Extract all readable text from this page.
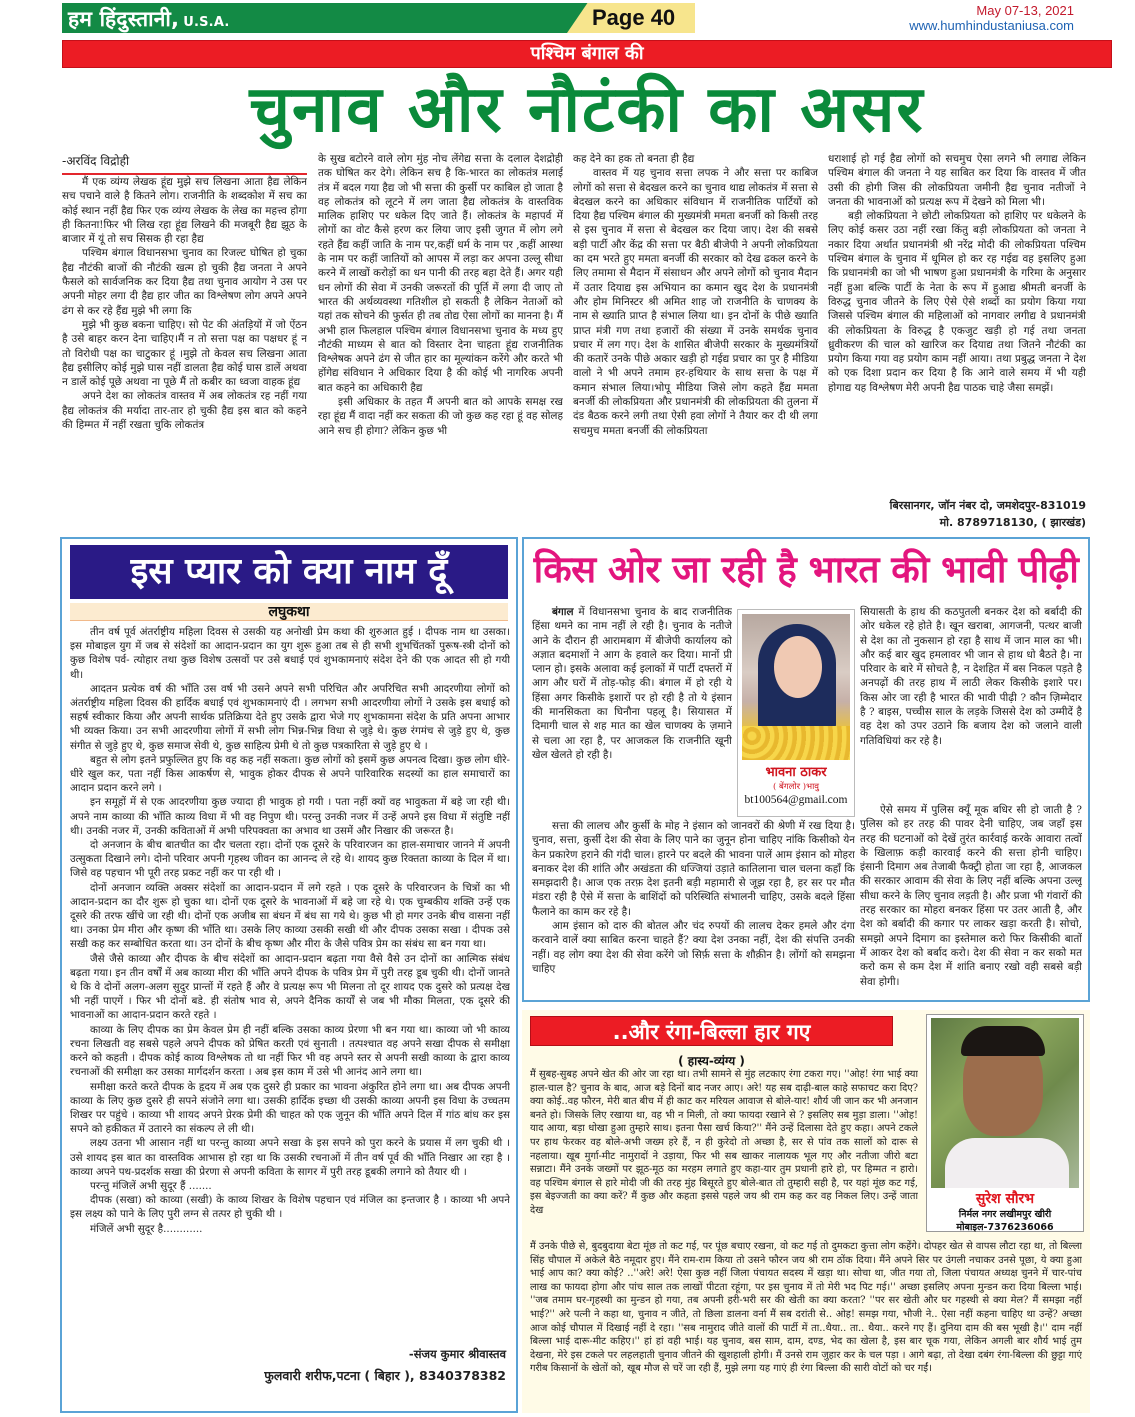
हम हिंदुस्तानी, U.S.A.	Page 40	May 07-13, 2021
www.humhindustaniusa.com
पश्चिम बंगाल की
चुनाव और नौटंकी का असर
-अरविंद विद्रोही

मैं एक व्यंग्य लेखक हूंद्य मुझे सच लिखना आता हैद्य लेकिन सच पचाने वाले है कितने लोग। राजनीति के शब्दकोश में सच का कोई स्थान नहीं हैद्य फिर एक व्यंग्य लेखक के लेख का महत्त्व होगा ही कितना!फिर भी लिख रहा हूंद्य लिखने की मजबूरी हैद्य झूठ के बाजार में यूं तो सच सिसक ही रहा हैद्य

पश्चिम बंगाल विधानसभा चुनाव का रिजल्ट घोषित हो चुका हैद्य नौटंकी बाजों की नौटंकी खत्म हो चुकी हैद्य जनता ने अपने फैसले को सार्वजनिक कर दिया हैद्य तथा चुनाव आयोग ने उस पर अपनी मोहर लगा दी हैद्य हार जीत का विश्लेषण लोग अपने अपने ढंग से कर रहे हैंद्य मुझे भी लगा कि

मुझे भी कुछ बकना चाहिए। सो पेट की अंतड़ियों में जो ऐंठन है उसे बाहर करन देना चाहिए।मैं न तो सत्ता पक्ष का पक्षधर हूं न तो विरोधी पक्ष का चाटुकार हूं ।मुझे तो केवल सच लिखना आता हैद्य इसीलिए कोई मुझे घास नहीं डालता हैद्य कोई घास डालें अथवा न डालें कोई पूछे अथवा ना पूछे मैं तो कबीर का ध्वजा वाहक हूंद्य

अपने देश का लोकतंत्र वास्तव में अब लोकतंत्र रह नहीं गया हैद्य लोकतंत्र की मर्यादा तार-तार हो चुकी हैद्य इस बात को कहने की हिम्मत में नहीं रखता चुकि लोकतंत्र

के सुख बटोरने वाले लोग मुंह नोच लेंगेद्य सत्ता के दलाल देशद्रोही तक घोषित कर देगे। लेकिन सच है कि-भारत का लोकतंत्र मलाई तंत्र में बदल गया हैद्य जो भी सत्ता की कुर्सी पर काबिल हो जाता है वह लोकतंत्र को लूटने में लग जाता हैद्य लोकतंत्र के वास्तविक मालिक हाशिए पर धकेल दिए जाते हैं। लोकतंत्र के महापर्व में लोगों का वोट कैसे हरण कर लिया जाए इसी जुगत में लोग लगे रहते हैंद्य कहीं जाति के नाम पर,कहीं धर्म के नाम पर ,कहीं आस्था के नाम पर कहीं जातियों को आपस में लड़ा कर अपना उल्लू सीधा करने में लाखों करोड़ों का धन पानी की तरह बहा देते हैं। अगर यही धन लोगों की सेवा में उनकी जरूरतों की पूर्ति में लगा दी जाए तो भारत की अर्थव्यवस्था गतिशील हो सकती है लेकिन नेताओं को यहां तक सोचने की फुर्सत ही तब तोद्य ऐसा लोगों का मानना है। मैं अभी हाल फिलहाल पश्चिम बंगाल विधानसभा चुनाव के मध्य हुए नौटंकी माध्यम से बात को विस्तार देना चाहता हूंद्य राजनीतिक विश्लेषक अपने ढंग से जीत हार का मूल्यांकन करेंगे और करते भी होंगेद्य संविधान ने अधिकार दिया है की कोई भी नागरिक अपनी बात कहने का अधिकारी हैद्य

इसी अधिकार के तहत मैं अपनी बात को आपके समक्ष रख रहा हूंद्य मैं वादा नहीं कर सकता की जो कुछ कह रहा हूं वह सोलह आने सच ही होगा? लेकिन कुछ भी

कह देने का हक तो बनता ही हैद्य

वास्तव में यह चुनाव सत्ता लपक ने और सत्ता पर काबिज लोगों को सत्ता से बेदखल करने का चुनाव थाद्य लोकतंत्र में सत्ता से बेदखल करने का अधिकार संविधान में राजनीतिक पार्टियों को दिया हैद्य पश्चिम बंगाल की मुख्यमंत्री ममता बनर्जी को किसी तरह से इस चुनाव में सत्ता से बेदखल कर दिया जाए। देश की सबसे बड़ी पार्टी और केंद्र की सत्ता पर बैठी बीजेपी ने अपनी लोकप्रियता का दम भरते हुए ममता बनर्जी की सरकार को देख ढकल करने के लिए तमामा से मैदान में संसाधन और अपने लोगों को चुनाव मैदान में उतार दियाद्य इस अभियान का कमान खुद देश के प्रधानमंत्री और होम मिनिस्टर श्री अमित शाह जो राजनीति के चाणक्य के नाम से ख्याति प्राप्त है संभाल लिया था। इन दोनों के पीछे ख्याति प्राप्त मंत्री गण तथा हजारों की संख्या में उनके समर्थक चुनाव प्रचार में लग गए। देश के शासित बीजेपी सरकार के मुख्यमंत्रियों की कतारें उनके पीछे अकार खड़ी हो गईद्य प्रचार का पुर है मीडिया वालो ने भी अपने तमाम हर-हथियार के साथ सत्ता के पक्ष में कमान संभाल लिया।भोपू मीडिया जिसे लोग कहते हैंद्य ममता बनर्जी की लोकप्रियता और प्रधानमंत्री की लोकप्रियता की तुलना में दंड बैठक करने लगी तथा ऐसी हवा लोगों ने तैयार कर दी थी लगा सचमुच ममता बनर्जी की लोकप्रियता

धराशाई हो गई हैद्य लोगों को सचमुच ऐसा लगने भी लगाद्य लेकिन पश्चिम बंगाल की जनता ने यह साबित कर दिया कि वास्तव में जीत उसी की होगी जिस की लोकप्रियता जमीनी हैद्य चुनाव नतीजों ने जनता की भावनाओं को प्रत्यक्ष रूप में देखने को मिला भी।

बड़ी लोकप्रियता ने छोटी लोकप्रियता को हाशिए पर धकेलने के लिए कोई कसर उठा नहीं रखा किंतु बड़ी लोकप्रियता को जनता ने नकार दिया अर्थात प्रधानमंत्री श्री नरेंद्र मोदी की लोकप्रियता पश्चिम पश्चिम बंगाल के चुनाव में धूमिल हो कर रह गईद्य वह इसलिए हुआ कि प्रधानमंत्री का जो भी भाषण हुआ प्रधानमंत्री के गरिमा के अनुसार नहीं हुआ बल्कि पार्टी के नेता के रूप में हुआद्य श्रीमती बनर्जी के विरुद्ध चुनाव जीतने के लिए ऐसे ऐसे शब्दों का प्रयोग किया गया जिससे पश्चिम बंगाल की महिलाओं को नागवार लगीद्य वे प्रधानमंत्री की लोकप्रियता के विरुद्ध है एकजुट खड़ी हो गई तथा जनता ध्रुवीकरण की चाल को खारिज कर दियाद्य तथा जितने नौटंकी का प्रयोग किया गया वह प्रयोग काम नहीं आया। तथा प्रबुद्ध जनता ने देश को एक दिशा प्रदान कर दिया है कि आने वाले समय में भी यही होगाद्य यह विश्लेषण मेरी अपनी हैद्य पाठक चाहे जैसा समझें।

बिरसानगर, जॉन नंबर दो, जमशेदपुर-831019
मो. 8789718130, ( झारखंड)
इस प्यार को क्या नाम दूँ
लघुकथा

तीन वर्ष पूर्व अंतर्राष्ट्रीय महिला दिवस से उसकी यह अनोखी प्रेम कथा की शुरुआत हुई । दीपक नाम था उसका। इस मोबाइल युग में जब से संदेशों का आदान-प्रदान का युग शुरू हुआ तब से ही सभी शुभचिंतकों पुरूष-स्त्री दोनों को कुछ विशेष पर्व- त्योहार तथा कुछ विशेष उत्सवों पर उसे बधाई एवं शुभकामनाएं संदेश देने की एक आदत सी हो गयी थी।

आदतन प्रत्येक वर्ष की भाँति उस वर्ष भी उसने अपने सभी परिचित और अपरिचित सभी आदरणीया लोगों को अंतर्राष्ट्रीय महिला दिवस की हार्दिक बधाई एवं शुभकामनाएं दी । लगभग सभी आदरणीया लोगों ने उसके इस बधाई को सहर्ष स्वीकार किया और अपनी सार्थक प्रतिक्रिया देते हुए उसके द्वारा भेजे गए शुभकामना संदेश के प्रति अपना आभार भी व्यक्त किया। उन सभी आदरणीया लोगों में सभी लोग भिन्न-भिन्न विधा से जुड़े थे। कुछ रंगमंच से जुड़े हुए थे, कुछ संगीत से जुड़े हुए थे, कुछ समाज सेवी थे, कुछ साहित्य प्रेमी थे तो कुछ पत्रकारिता से जुड़े हुए थे ।

बहुत से लोग इतने प्रफुल्लित हुए कि वह कह नहीं सकता। कुछ लोगों को इसमें कुछ अपनत्व दिखा। कुछ लोग धीरे-धीरे खुल कर, पता नहीं किस आकर्षण से, भावुक होकर दीपक से अपने पारिवारिक सदस्यों का हाल समाचारों का आदान प्रदान करने लगे ।

इन समूहों में से एक आदरणीया कुछ ज्यादा ही भावुक हो गयी । पता नहीं क्यों वह भावुकता में बहे जा रही थी। अपने नाम काव्या की भाँति काव्य विधा में भी वह निपुण थी। परन्तु उनकी नजर में उन्हें अपने इस विधा में संतुष्टि नहीं थी। उनकी नजर में, उनकी कविताओं में अभी परिपक्वता का अभाव था उसमें और निखार की जरूरत है।

दो अनजान के बीच बातचीत का दौर चलता रहा। दोनों एक दूसरे के परिवारजन का हाल-समाचार जानने में अपनी उत्सुकता दिखाने लगे। दोनो परिवार अपनी गृहस्थ जीवन का आनन्द ले रहे थे। शायद कुछ रिक्तता काव्या के दिल में था। जिसे वह पहचान भी पूरी तरह प्रकट नहीं कर पा रही थी ।

दोनों अनजान व्यक्ति अक्सर संदेशों का आदान-प्रदान में लगे रहते । एक दूसरे के परिवारजन के चित्रों का भी आदान-प्रदान का दौर शुरू हो चुका था। दोनों एक दूसरे के भावनाओं में बहे जा रहे थे। एक चुम्बकीय शक्ति उन्हें एक दूसरे की तरफ खींचे जा रही थी। दोनों एक अजीब सा बंधन में बंध सा गये थे। कुछ भी हो मगर उनके बीच वासना नहीं था। उनका प्रेम मीरा और कृष्ण की भाँति था। उसके लिए काव्या उसकी सखी थी और दीपक उसका सखा । दीपक उसे सखी कह कर सम्बोधित करता था। उन दोनों के बीच कृष्ण और मीरा के जैसे पवित्र प्रेम का संबंध सा बन गया था।

जैसे जैसे काव्या और दीपक के बीच संदेशों का आदान-प्रदान बढ़ता गया वैसे वैसे उन दोनों का आत्मिक संबंध बढ़ता गया। इन तीन वर्षों में अब काव्या मीरा की भाँति अपने दीपक के पवित्र प्रेम में पुरी तरह डूब चुकी थी। दोनों जानते थे कि वे दोनों अलग-अलग सुदुर प्रान्तों में रहते हैं और वे प्रत्यक्ष रूप भी मिलना तो दूर शायद एक दुसरे को प्रत्यक्ष देख भी नहीं पाएगें । फिर भी दोनों बडे. ही संतोष भाव से, अपने दैनिक कार्यों से जब भी मौका मिलता, एक दूसरे की भावनाओं का आदान-प्रदान करते रहते ।

काव्या के लिए दीपक का प्रेम केवल प्रेम ही नहीं बल्कि उसका काव्य प्रेरणा भी बन गया था। काव्या जो भी काव्य रचना लिखती वह सबसे पहले अपने दीपक को प्रेषित करती एवं सुनाती । तत्पश्चात वह अपने सखा दीपक से समीक्षा करने को कहती । दीपक कोई काव्य विश्लेषक तो था नहीं फिर भी वह अपने स्तर से अपनी सखी काव्या के द्वारा काव्य रचनाओं की समीक्षा कर उसका मार्गदर्शन करता । अब इस काम में उसे भी आनंद आने लगा था।

समीक्षा करते करते दीपक के हृदय में अब एक दुसरे ही प्रकार का भावना अंकुरित होने लगा था। अब दीपक अपनी काव्या के लिए कुछ दुसरे ही सपने संजोने लगा था। उसकी हार्दिक इच्छा थी उसकी काव्या अपनी इस विधा के उच्चतम शिखर पर पहुंचे । काव्या भी शायद अपने प्रेरक प्रेमी की चाहत को एक जुनून की भाँति अपने दिल में गांठ बांध कर इस सपने को हकीकत में उतारने का संकल्प ले ली थी।

लक्ष्य उतना भी आसान नहीं था परन्तु काव्या अपने सखा के इस सपने को पुरा करने के प्रयास में लग चुकी थी । उसे शायद इस बात का वास्तविक आभास हो रहा था कि उसकी रचनाओं में तीन वर्ष पूर्व की भाँति निखार आ रहा है । काव्या अपने पथ-प्रदर्शक सखा की प्रेरणा से अपनी कविता के सागर में पुरी तरह डूबकी लगाने को तैयार थी ।

परन्तु मंजिलें अभी सुदूर हैं .......

दीपक (सखा) को काव्या (सखी) के काव्य शिखर के विशेष पहचान एवं मंजिल का इन्तजार है । काव्या भी अपने इस लक्ष्य को पाने के लिए पुरी लग्न से तत्पर हो चुकी थी ।

मंजिलें अभी सुदूर है............

-संजय कुमार श्रीवास्तव
फुलवारी शरीफ,पटना ( बिहार ), 8340378382
किस ओर जा रही है भारत की भावी पीढ़ी

बंगाल में विधानसभा चुनाव के बाद राजनीतिक हिंसा थमने का नाम नहीं ले रही है। चुनाव के नतीजे आने के दौरान ही आरामबाग में बीजेपी कार्यालय को अज्ञात बदमाशों ने आग के हवाले कर दिया। मानों प्री प्लान हो। इसके अलावा कई इलाकों में पार्टी दफ्तरों में आग और घरों में तोड़-फोड़ की। बंगाल में हो रही ये हिंसा अगर किसीके इशारों पर हो रही है तो ये इंसान की मानसिकता का घिनौना पहलू है। सियासत में दिमागी चाल से शह मात का खेल चाणक्य के ज़माने से चला आ रहा है, पर आजकल कि राजनीति खूनी खेल खेलते हो रही है।

भावना ठाकर
( बेंगलोर )भावु
bt100564@gmail.com

सियासती के हाथ की कठपुतली बनकर देश को बर्बादी की ओर धकेल रहे होते है। खून खराबा, आगजनी, पत्थर बाजी से देश का तो नुकसान हो रहा है साथ में जान माल का भी। और कई बार खुद हमलावर भी जान से हाथ धो बैठते है। ना परिवार के बारे में सोचते है, न देशहित में बस निकल पड़ते है अनपढ़ों की तरह हाथ में लाठी लेकर किसीके इशारे पर। किस ओर जा रही है भारत की भावी पीढ़ी ? कौन ज़िम्मेदार है ? बाइस, पच्चीस साल के लड़के जिससे देश को उम्मीदें है वह देश को उपर उठाने कि बजाय देश को जलाने वाली गतिविधियां कर रहे है।

सत्ता की लालच और कुर्सी के मोह ने इंसान को जानवरों की श्रेणी में रख दिया है। चुनाव, सत्ता, कुर्सी देश की सेवा के लिए पाने का जुनून होना चाहिए नांकि किसीको येन केन प्रकारेण हराने की गंदी चाल। हारने पर बदले की भावना पालें आम इंसान को मोहरा बनाकर देश की शांति और अखंडता की धज्जियां उड़ाते कातिलाना चाल चलना कहाँ कि समझदारी है। आज एक तरफ़ देश इतनी बड़ी महामारी से जूझ रहा है, हर सर पर मौत मंडरा रही है ऐसे में सत्ता के बाशिंदों को परिस्थिति संभालनी चाहिए, उसके बदले हिंसा फैलाने का काम कर रहे है।

आम इंसान को दारु की बोतल और चंद रुपयों की लालच देकर हमले और दंगा करवाने वालें क्या साबित करना चाहते हैं? क्या देश उनका नहीं, देश की संपत्ति उनकी नहीं। वह लोग क्या देश की सेवा करेंगे जो सिर्फ़ सत्ता के शौक़ीन है। लोंगों को समझना चाहिए

ऐसे समय में पुलिस क्यूँ मूक बधिर सी हो जाती है ? पुलिस को हर तरह की पावर देनी चाहिए, जब जहाँ इस तरह की घटनाओं को देखें तुरंत कार्रवाई करके आवारा तत्वों के खिलाफ़ कड़ी कारवाई करने की सत्ता होनी चाहिए। इंसानी दिमाग अब तेजाबी फैक्ट्री होता जा रहा है, आजकल की सरकार आवाम की सेवा के लिए नहीं बल्कि अपना उल्लू सीधा करने के लिए चुनाव लड़ती है। और प्रजा भी गंवारों की तरह सरकार का मोहरा बनकर हिंसा पर उतर आती है, और देश को बर्बादी की कगार पर लाकर खड़ा करती है। सोचो, समझो अपने दिमाग का इस्तेमाल करो फिर किसीकी बातों में आकर देश को बर्बाद करो। देश की सेवा न कर सको मत करो कम से कम देश में शांति बनाए रखो वही सबसे बड़ी सेवा होगी।

..और रंगा-बिल्ला हार गए
( हास्य-व्यंग्य )

मैं सुबह-सुबह अपने खेत की ओर जा रहा था। तभी सामने से मुंह लटकाए रंगा टकरा गए। ''ओह! रंगा भाई क्या हाल-चाल है? चुनाव के बाद, आज बड़े दिनों बाद नजर आए। अरे! यह सब दाढ़ी-बाल काहे सफाचट करा दिए?क्या कोई..वह फौरन, मेरी बात बीच में ही काट कर मरियल आवाज से बोले-यार! शौर्य जी जान कर भी अनजान बनते हो। जिसके लिए रखाया था, वह भी न मिली, तो क्या फायदा रखाने से ? इसलिए सब मुड़ा डाला। ''ओह! याद आया, बड़ा धोखा हुआ तुम्हारे साथ। इतना पैसा खर्च किया?'' मैंने उन्हें दिलासा देते हुए कहा। अपने टकले पर हाथ फेरकर वह बोले-अभी जख्म हरे हैं, न ही कुरेदो तो अच्छा है, सर से पांव तक सालों को दारू से नहलाया। खूब मुर्गा-मीट नामुरादों ने उड़ाया, फिर भी सब खाकर नालायक भूल गए और नतीजा जीरो बटा सन्नाटा। मैंने उनके जख्मों पर झूठ-मूठ का मरहम लगाते हुए कहा-यार तुम प्रधानी हारे हो, पर हिम्मत न हारो। वह पश्चिम बंगाल से हारे मोदी जी की तरह मुंह बिसूरते हुए बोले-बात तो तुम्हारी सही है, पर यहां मूंछ कट गई, इस बेइज्जती का क्या करें? मैं कुछ और कहता इससे पहले जय श्री राम कह कर वह निकल लिए। उन्हें जाता देख

सुरेश सौरभ
निर्मल नगर लखीमपुर खीरी
मोबाइल-7376236066

मैं उनके पीछे से, बुदबुदाया बेटा मूंछ तो कट गई, पर पूंछ बचाए रखना, वो कट गई तो दुमकटा कुत्ता लोग कहेंगे। दोपहर खेत से वापस लौटा रहा था, तो बिल्ला सिंह चौपाल में अकेले बैठे नमूदार हुए। मैंने राम-राम किया तो उसने फौरन जय श्री राम ठोंक दिया। मैंने अपने सिर पर उंगली नचाकर उनसे पूछा, ये क्या हुआ भाई आप का? क्या कोई? ..''अरे! अरे! ऐसा कुछ नहीं जिला पंचायत सदस्य में खड़ा था। सोचा था, जीत गया तो, जिला पंचायत अध्यक्ष चुनने में चार-पांच लाख का फायदा होगा और पांच साल तक लाखों पीटता रहूंगा, पर इस चुनाव में तो मेरी भद पिट गई।'' अच्छा इसलिए अपना मुन्डन करा दिया बिल्ला भाई। ''जब तमाम घर-गृहस्थी का मुन्डन हो गया, तब अपनी हरी-भरी सर की खेती का क्या करता? ''पर सर खेती और घर गहस्थी से क्या मेल? मैं समझा नहीं भाई?'' अरे पत्नी ने कहा था, चुनाव न जीते, तो छिला डालना वर्ना मैं सब दरांती से.. ओह! समझ गया, भौजी ने.. ऐसा नहीं कहना चाहिए था उन्हें? अच्छा आज कोई चौपाल में दिखाई नहीं दे रहा। ''सब नामुराद जीते वालों की पार्टी में ता..थैया.. ता.. थैया.. करने गए हैं। दुनिया दाम की बस भूखी है।'' दाम नहीं बिल्ला भाई दारू-मीट कहिए।'' हां हां वही भाई। यह चुनाव, बस साम, दाम, दण्ड, भेद का खेला है, इस बार चूक गया, लेकिन अगली बार शौर्य भाई तुम देखना, मेरे इस टकले पर लहलहाती चुनाव जीतने की खुशहाली होगी। मैं उनसे राम जुहार कर के चल पड़ा । आगे बढ़ा, तो देखा दबंग रंगा-बिल्ला की छुट्टा गाएं गरीब किसानों के खेतों को, खूब मौज से चरें जा रही हैं, मुझे लगा यह गाएं ही रंगा बिल्ला की सारी वोटों को चर गईं।
